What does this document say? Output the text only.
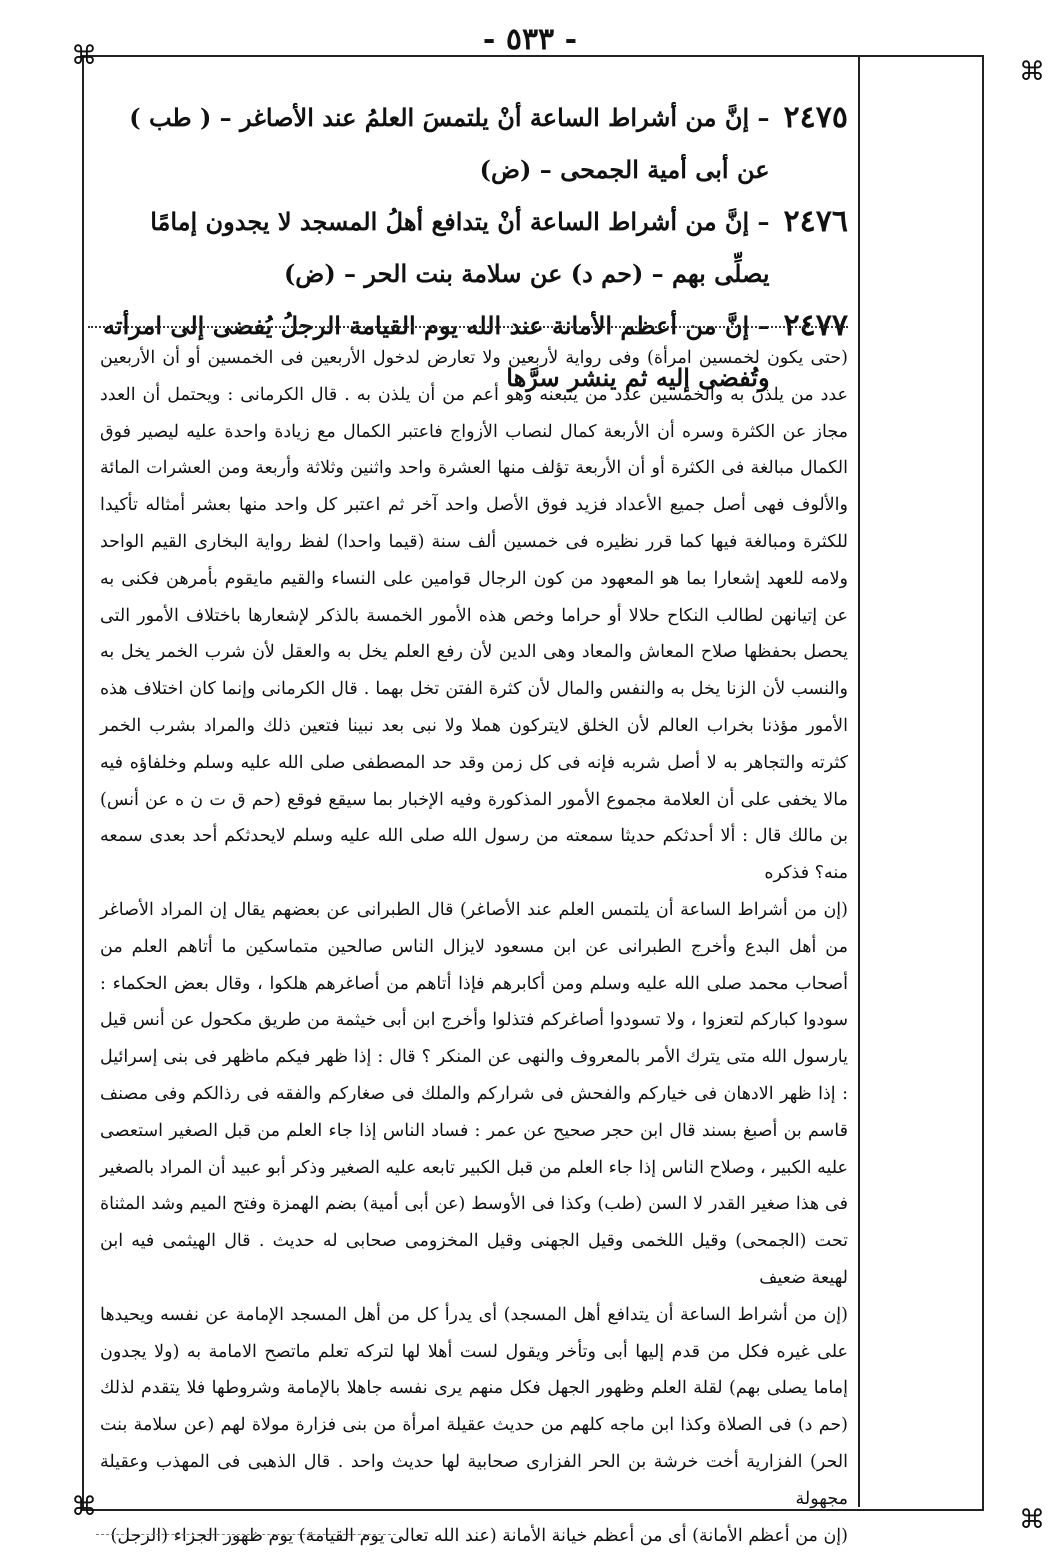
- ٥٣٣ -
⌘
⌘
⌘	⌘
٢٤٧٥
– إنَّ من أشراط الساعة أنْ يلتمسَ العلمُ عند الأصاغر – ( طب ) عن أبى أمية الجمحى – (ض)
٢٤٧٦
– إنَّ من أشراط الساعة أنْ يتدافع أهلُ المسجد لا يجدون إمامًا يصلِّى بهم – (حم د) عن سلامة بنت الحر – (ض)
٢٤٧٧
– إنَّ من أعظم الأمانة عند الله يوم القيامة الرجلُ يُفضى إلى امرأته وتُفضى إليه ثم ينشر سرَّها

(حتى يكون لخمسين امرأة) وفى رواية لأربعين ولا تعارض لدخول الأربعين فى الخمسين أو أن الأربعين عدد من يلذن به والخمسين عدد من يتبعنه وهو أعم من أن يلذن به . قال الكرمانى : ويحتمل أن العدد مجاز عن الكثرة وسره أن الأربعة كمال لنصاب الأزواج فاعتبر الكمال مع زيادة واحدة عليه ليصير فوق الكمال مبالغة فى الكثرة أو أن الأربعة تؤلف منها العشرة واحد واثنين وثلاثة وأربعة ومن العشرات المائة والألوف فهى أصل جميع الأعداد فزيد فوق الأصل واحد آخر ثم اعتبر كل واحد منها بعشر أمثاله تأكيدا للكثرة ومبالغة فيها كما قرر نظيره فى خمسين ألف سنة (قيما واحدا) لفظ رواية البخارى القيم الواحد ولامه للعهد إشعارا بما هو المعهود من كون الرجال قوامين على النساء والقيم مايقوم بأمرهن فكنى به عن إتيانهن لطالب النكاح حلالا أو حراما وخص هذه الأمور الخمسة بالذكر لإشعارها باختلاف الأمور التى يحصل بحفظها صلاح المعاش والمعاد وهى الدين لأن رفع العلم يخل به والعقل لأن شرب الخمر يخل به والنسب لأن الزنا يخل به والنفس والمال لأن كثرة الفتن تخل بهما . قال الكرمانى وإنما كان اختلاف هذه الأمور مؤذنا بخراب العالم لأن الخلق لايتركون هملا ولا نبى بعد نبينا فتعين ذلك والمراد بشرب الخمر كثرته والتجاهر به لا أصل شربه فإنه فى كل زمن وقد حد المصطفى صلى الله عليه وسلم وخلفاؤه فيه مالا يخفى على أن العلامة مجموع الأمور المذكورة وفيه الإخبار بما سيقع فوقع (حم ق ت ن ه عن أنس) بن مالك قال : ألا أحدثكم حديثا سمعته من رسول الله صلى الله عليه وسلم لايحدثكم أحد بعدى سمعه منه؟ فذكره

(إن من أشراط الساعة أن يلتمس العلم عند الأصاغر) قال الطبرانى عن بعضهم يقال إن المراد الأصاغر من أهل البدع وأخرج الطبرانى عن ابن مسعود لايزال الناس صالحين متماسكين ما أتاهم العلم من أصحاب محمد صلى الله عليه وسلم ومن أكابرهم فإذا أتاهم من أصاغرهم هلكوا ، وقال بعض الحكماء : سودوا كباركم لتعزوا ، ولا تسودوا أصاغركم فتذلوا وأخرج ابن أبى خيثمة من طريق مكحول عن أنس قيل يارسول الله متى يترك الأمر بالمعروف والنهى عن المنكر ؟ قال : إذا ظهر فيكم ماظهر فى بنى إسرائيل : إذا ظهر الادهان فى خياركم والفحش فى شراركم والملك فى صغاركم والفقه فى رذالكم وفى مصنف قاسم بن أصبغ بسند قال ابن حجر صحيح عن عمر : فساد الناس إذا جاء العلم من قبل الصغير استعصى عليه الكبير ، وصلاح الناس إذا جاء العلم من قبل الكبير تابعه عليه الصغير وذكر أبو عبيد أن المراد بالصغير فى هذا صغير القدر لا السن (طب) وكذا فى الأوسط (عن أبى أمية) بضم الهمزة وفتح الميم وشد المثناة تحت (الجمحى) وقيل اللخمى وقيل الجهنى وقيل المخزومى صحابى له حديث . قال الهيثمى فيه ابن لهيعة ضعيف

(إن من أشراط الساعة أن يتدافع أهل المسجد) أى يدرأ كل من أهل المسجد الإمامة عن نفسه ويحيدها على غيره فكل من قدم إليها أبى وتأخر ويقول لست أهلا لها لتركه تعلم ماتصح الامامة به (ولا يجدون إماما يصلى بهم) لقلة العلم وظهور الجهل فكل منهم يرى نفسه جاهلا بالإمامة وشروطها فلا يتقدم لذلك (حم د) فى الصلاة وكذا ابن ماجه كلهم من حديث عقيلة امرأة من بنى فزارة مولاة لهم (عن سلامة بنت الحر) الفزارية أخت خرشة بن الحر الفزارى صحابية لها حديث واحد . قال الذهبى فى المهذب وعقيلة مجهولة

(إن من أعظم الأمانة) أى من أعظم خيانة الأمانة (عند الله تعالى يوم القيامة) يوم ظهور الجزاء (الرجل)
